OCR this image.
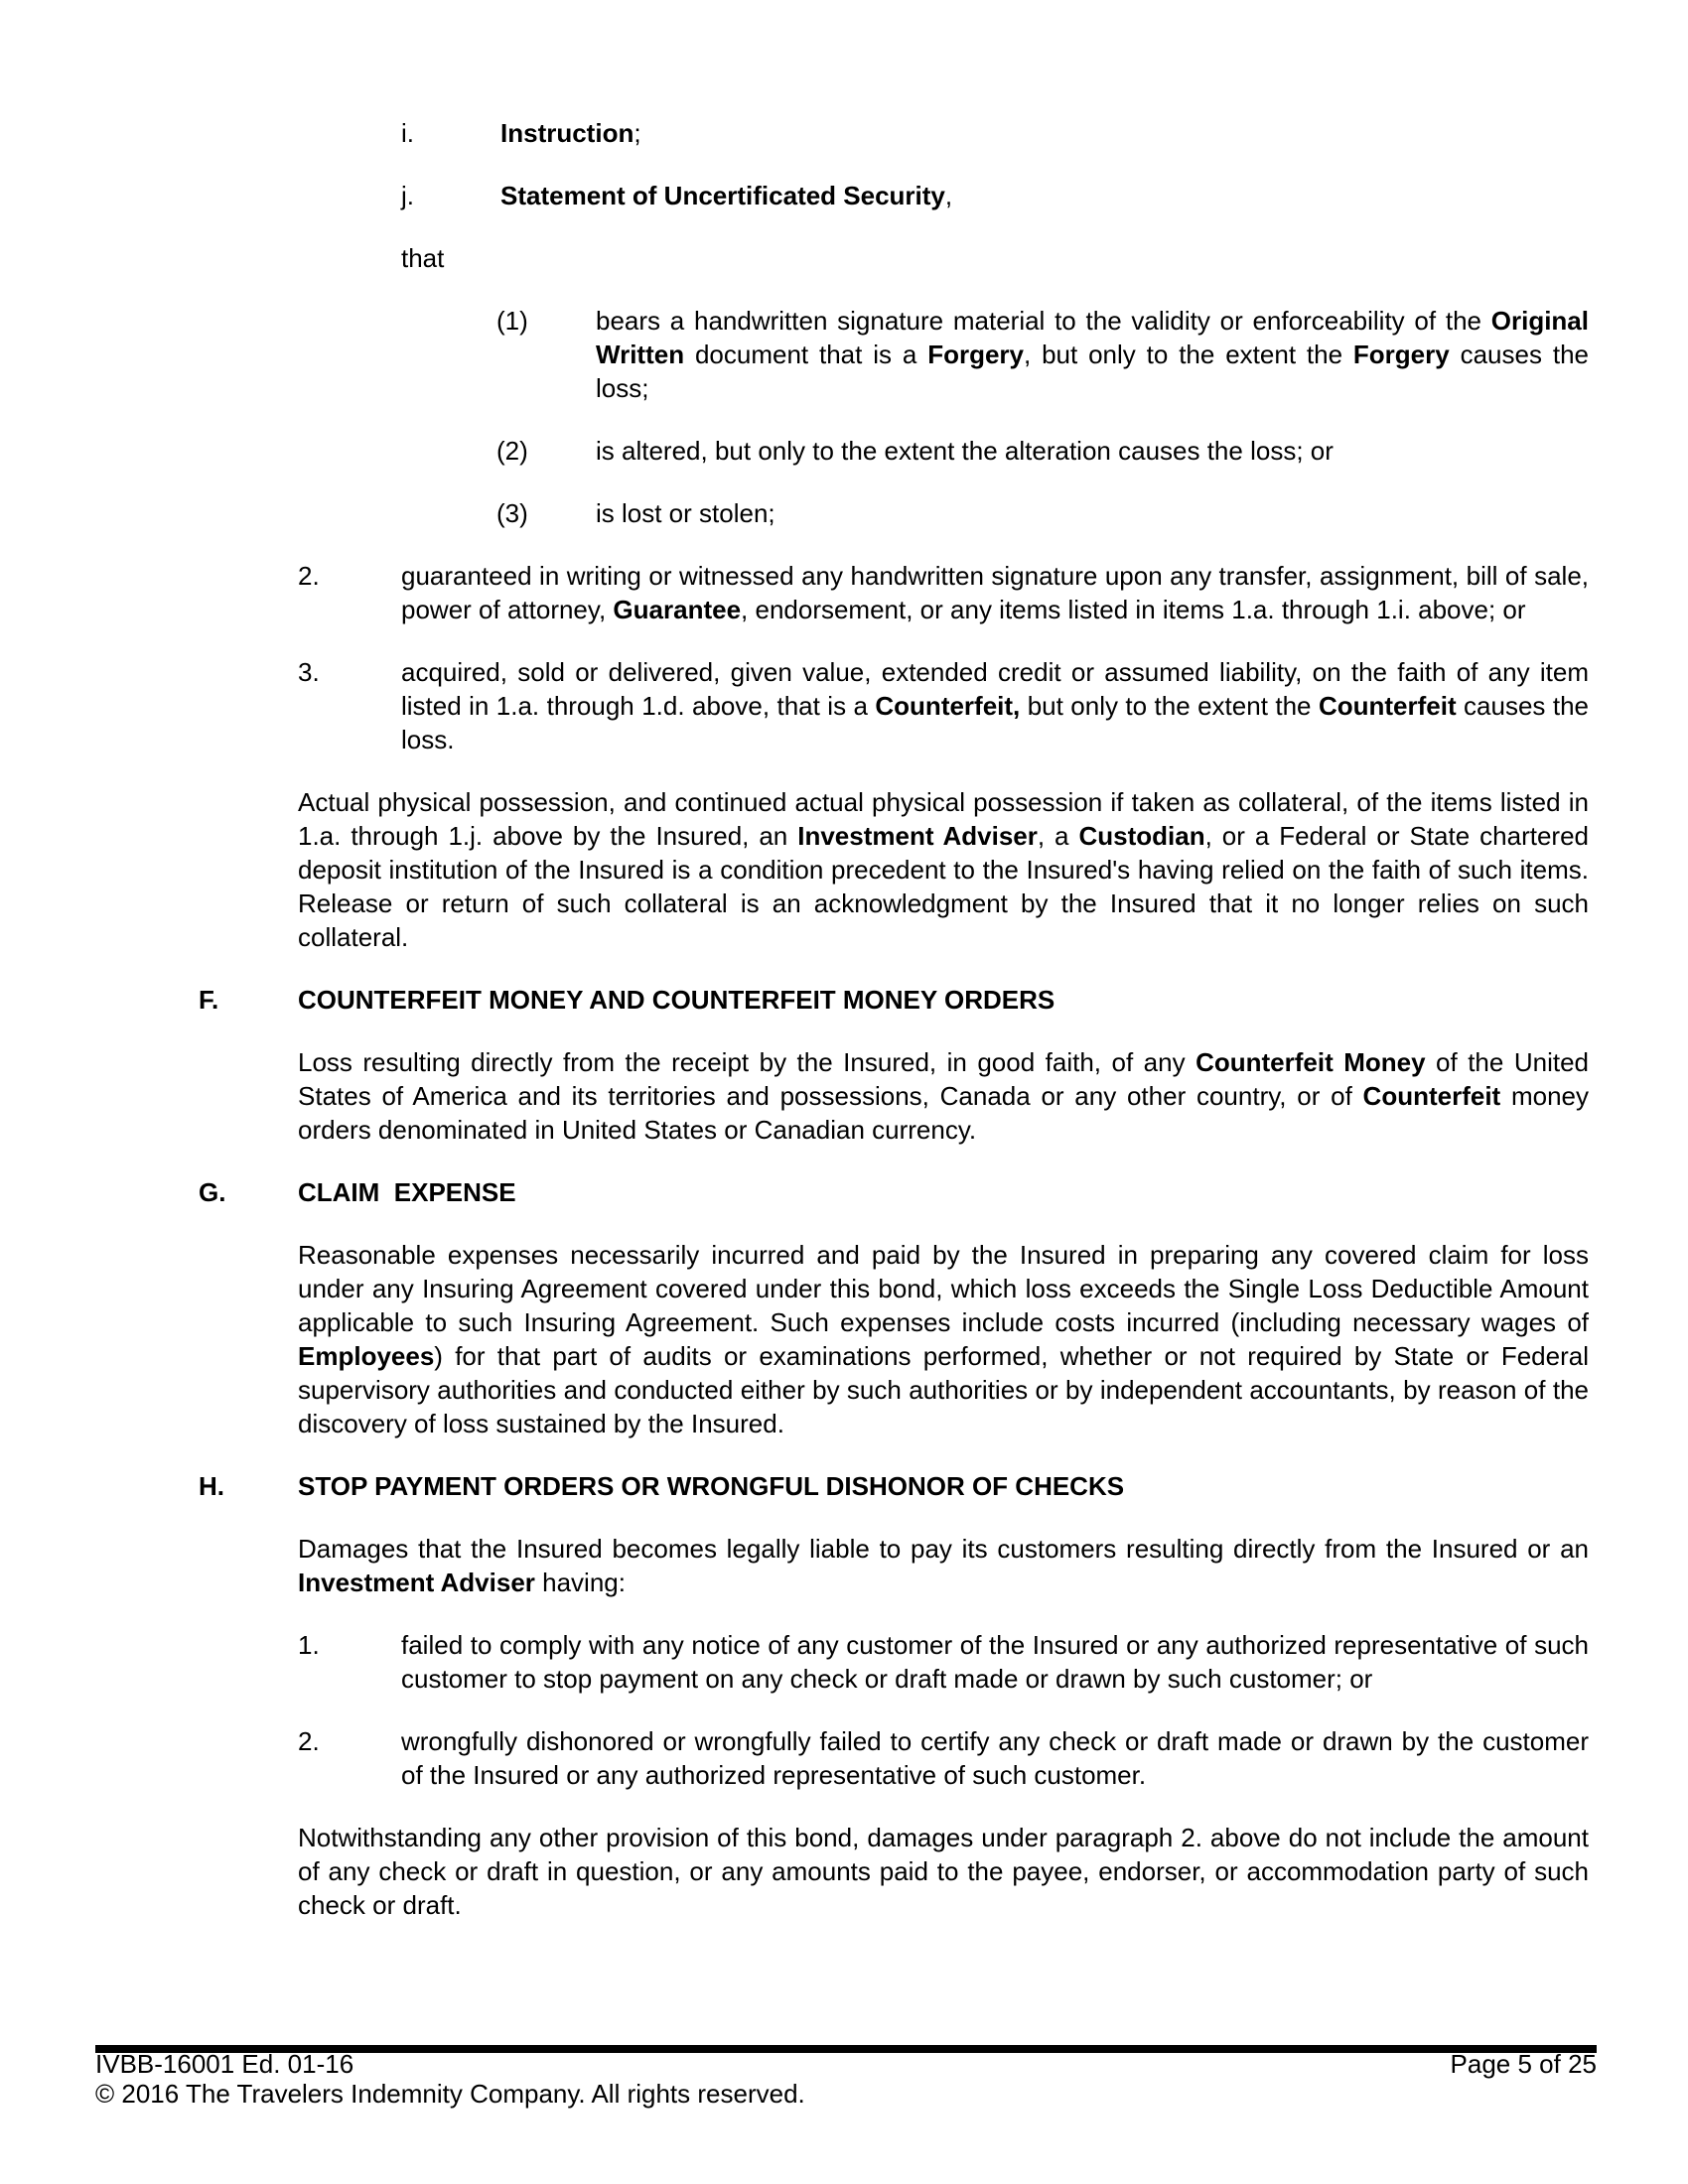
i.	Instruction;
j.	Statement of Uncertificated Security,
that
(1)	bears a handwritten signature material to the validity or enforceability of the Original Written document that is a Forgery, but only to the extent the Forgery causes the loss;
(2)	is altered, but only to the extent the alteration causes the loss; or
(3)	is lost or stolen;
2.	guaranteed in writing or witnessed any handwritten signature upon any transfer, assignment, bill of sale, power of attorney, Guarantee, endorsement, or any items listed in items 1.a. through 1.i. above; or
3.	acquired, sold or delivered, given value, extended credit or assumed liability, on the faith of any item listed in 1.a. through 1.d. above, that is a Counterfeit, but only to the extent the Counterfeit causes the loss.
Actual physical possession, and continued actual physical possession if taken as collateral, of the items listed in 1.a. through 1.j. above by the Insured, an Investment Adviser, a Custodian, or a Federal or State chartered deposit institution of the Insured is a condition precedent to the Insured's having relied on the faith of such items. Release or return of such collateral is an acknowledgment by the Insured that it no longer relies on such collateral.
F.	COUNTERFEIT MONEY AND COUNTERFEIT MONEY ORDERS
Loss resulting directly from the receipt by the Insured, in good faith, of any Counterfeit Money of the United States of America and its territories and possessions, Canada or any other country, or of Counterfeit money orders denominated in United States or Canadian currency.
G.	CLAIM  EXPENSE
Reasonable expenses necessarily incurred and paid by the Insured in preparing any covered claim for loss under any Insuring Agreement covered under this bond, which loss exceeds the Single Loss Deductible Amount applicable to such Insuring Agreement. Such expenses include costs incurred (including necessary wages of Employees) for that part of audits or examinations performed, whether or not required by State or Federal supervisory authorities and conducted either by such authorities or by independent accountants, by reason of the discovery of loss sustained by the Insured.
H.	STOP PAYMENT ORDERS OR WRONGFUL DISHONOR OF CHECKS
Damages that the Insured becomes legally liable to pay its customers resulting directly from the Insured or an Investment Adviser having:
1.	failed to comply with any notice of any customer of the Insured or any authorized representative of such customer to stop payment on any check or draft made or drawn by such customer; or
2.	wrongfully dishonored or wrongfully failed to certify any check or draft made or drawn by the customer of the Insured or any authorized representative of such customer.
Notwithstanding any other provision of this bond, damages under paragraph 2. above do not include the amount of any check or draft in question, or any amounts paid to the payee, endorser, or accommodation party of such check or draft.
IVBB-16001 Ed. 01-16	Page 5 of 25
© 2016 The Travelers Indemnity Company. All rights reserved.
